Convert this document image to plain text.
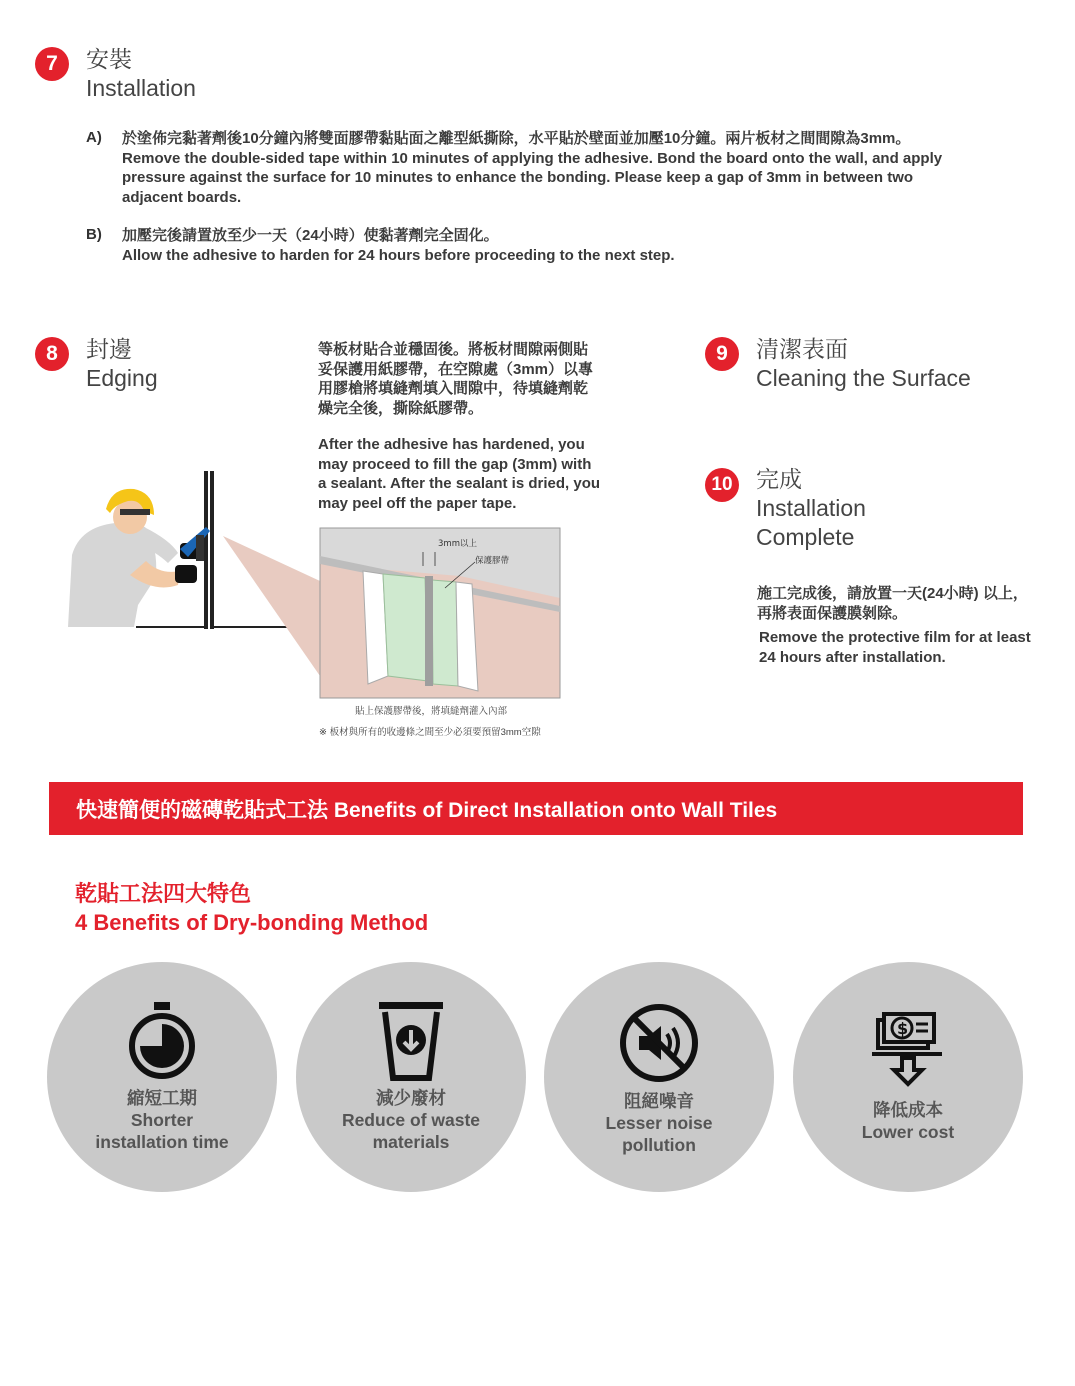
7 安裝
Installation
A) 於塗佈完黏著劑後10分鐘內將雙面膠帶黏貼面之離型紙撕除，水平貼於壁面並加壓10分鐘。兩片板材之間間隙為3mm。
Remove the double-sided tape within 10 minutes of applying the adhesive. Bond the board onto the wall, and apply
pressure against the surface for 10 minutes to enhance the bonding. Please keep a gap of 3mm in between two
adjacent boards.
B) 加壓完後請置放至少一天（24小時）使黏著劑完全固化。
Allow the adhesive to harden for 24 hours before proceeding to the next step.
8 封邊
Edging
等板材貼合並穩固後。將板材間隙兩側貼
妥保護用紙膠帶，在空隙處（3mm）以專
用膠槍將填縫劑填入間隙中，待填縫劑乾
燥完全後，撕除紙膠帶。
After the adhesive has hardened, you
may proceed to fill the gap (3mm) with
a sealant. After the sealant is dried, you
may peel off the paper tape.
3mm以上
保護膠帶
貼上保護膠帶後，將填縫劑灌入內部
※ 板材與所有的收邊條之間至少必須要預留3mm空隙
9 清潔表面
Cleaning the Surface
10 完成
Installation
Complete
施工完成後，請放置一天(24小時) 以上，
再將表面保護膜剝除。
Remove the protective film for at least
24 hours after installation.
快速簡便的磁磚乾貼式工法 Benefits of Direct Installation onto Wall Tiles
乾貼工法四大特色
4 Benefits of Dry-bonding Method
縮短工期
Shorter
installation time
減少廢材
Reduce of waste
materials
阻絕噪音
Lesser noise
pollution
$
降低成本
Lower cost
